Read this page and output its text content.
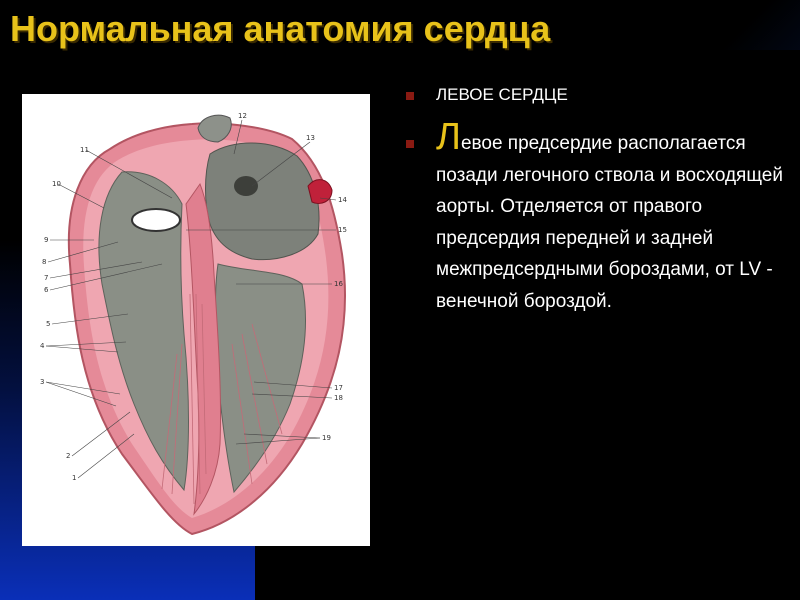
Нормальная анатомия сердца
1
2
3
4
5
6
7
8
9
10
11
12
13
14
15
16
17
18
19
ЛЕВОЕ СЕРДЦЕ
Левое предсердие располагается позади легочного ствола и восходящей аорты. Отделяется от правого предсердия передней и задней межпредсердными бороздами, от LV - венечной бороздой.
